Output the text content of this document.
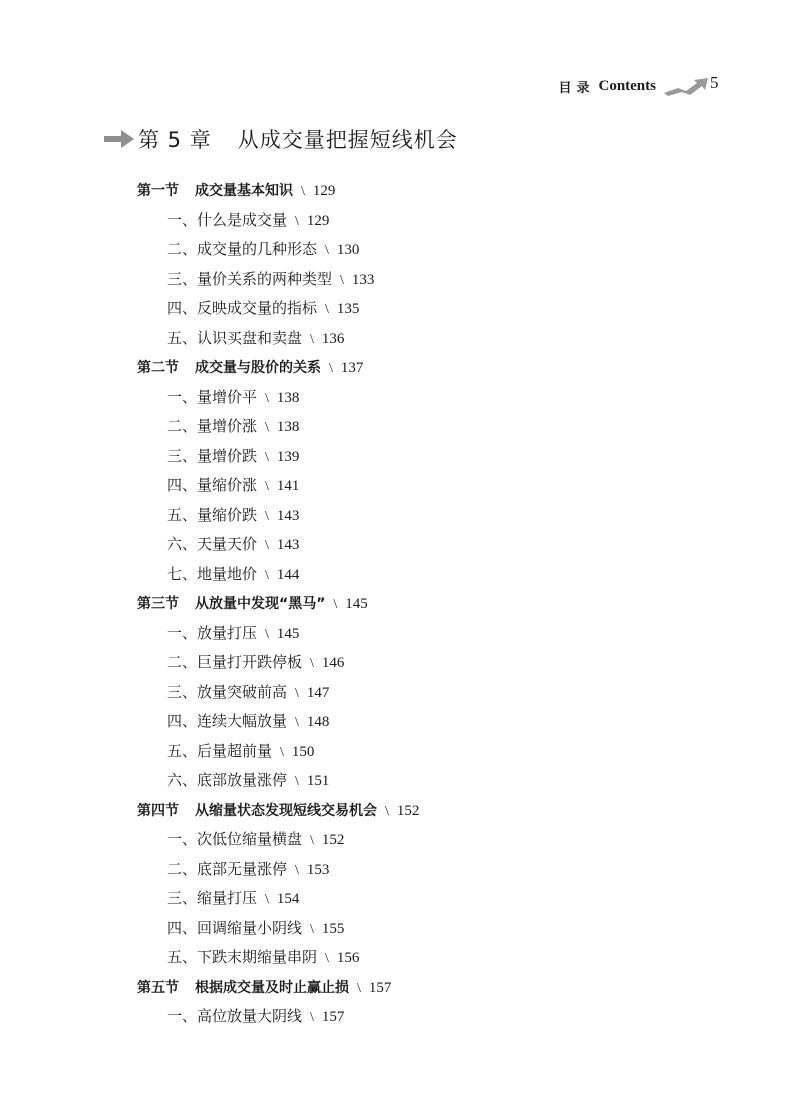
目录 Contents	5
第 5 章 从成交量把握短线机会
第一节 成交量基本知识 \ 129
一、什么是成交量 \ 129
二、成交量的几种形态 \ 130
三、量价关系的两种类型 \ 133
四、反映成交量的指标 \ 135
五、认识买盘和卖盘 \ 136
第二节 成交量与股价的关系 \ 137
一、量增价平 \ 138
二、量增价涨 \ 138
三、量增价跌 \ 139
四、量缩价涨 \ 141
五、量缩价跌 \ 143
六、天量天价 \ 143
七、地量地价 \ 144
第三节 从放量中发现“黑马” \ 145
一、放量打压 \ 145
二、巨量打开跌停板 \ 146
三、放量突破前高 \ 147
四、连续大幅放量 \ 148
五、后量超前量 \ 150
六、底部放量涨停 \ 151
第四节 从缩量状态发现短线交易机会 \ 152
一、次低位缩量横盘 \ 152
二、底部无量涨停 \ 153
三、缩量打压 \ 154
四、回调缩量小阴线 \ 155
五、下跌末期缩量串阴 \ 156
第五节 根据成交量及时止赢止损 \ 157
一、高位放量大阴线 \ 157
